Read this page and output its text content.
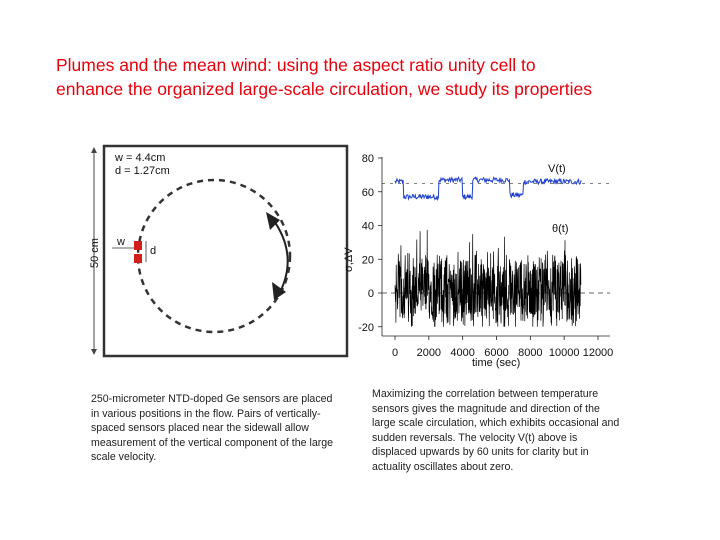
Plumes and the mean wind: using the aspect ratio unity cell to
enhance the organized large-scale circulation, we study its properties
50 cm
w = 4.4cm
d = 1.27cm
w
d
80
60
40
20
0
-20
0 2000 4000 6000 8000 10000 12000
V(t)
θ(t)
time (sec)
σ,ΔV
250-micrometer NTD-doped Ge sensors are placed in various positions in the flow. Pairs of vertically-spaced sensors placed near the sidewall allow measurement of the vertical component of the large scale velocity.
Maximizing the correlation between temperature sensors gives the magnitude and direction of the large scale circulation, which exhibits occasional and sudden reversals. The velocity V(t) above is displaced upwards by 60 units for clarity but in actuality oscillates about zero.
